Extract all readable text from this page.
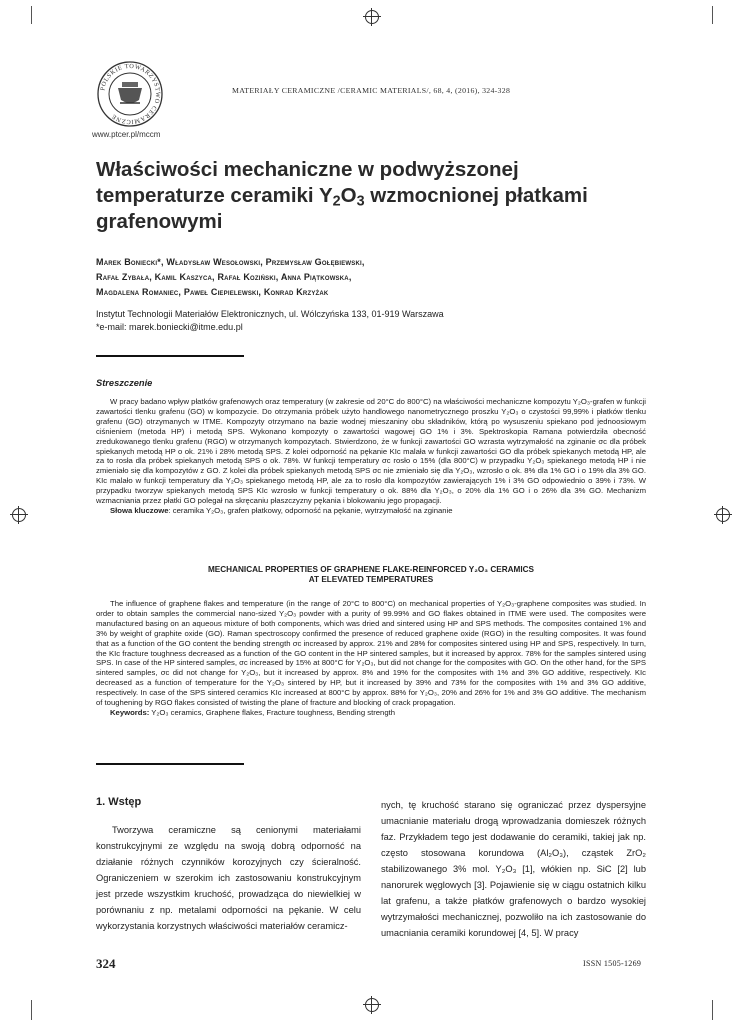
POLSKIE TOWARZYSTWO CERAMICZNE
www.ptcer.pl/mccm
MATERIAŁY CERAMICZNE /CERAMIC MATERIALS/, 68, 4, (2016), 324-328
Właściwości mechaniczne w podwyższonej
temperaturze ceramiki $Y_2O_3$ wzmocnionej płatkami
grafenowymi
Marek Boniecki*, Władysław Wesołowski, Przemysław Gołębiewski,
Rafał Zybała, Kamil Kaszyca, Rafał Koziński, Anna Piątkowska,
Magdalena Romaniec, Paweł Ciepielewski, Konrad Krzyżak
Instytut Technologii Materiałów Elektronicznych, ul. Wólczyńska 133, 01-919 Warszawa
*e-mail: marek.boniecki@itme.edu.pl
Streszczenie

W pracy badano wpływ płatków grafenowych oraz temperatury (w zakresie od 20°C do 800°C) na właściwości mechaniczne kompozytu Y₂O₃-grafen w funkcji zawartości tlenku grafenu (GO) w kompozycie. Do otrzymania próbek użyto handlowego nanometrycznego proszku Y₂O₃ o czystości 99,99% i płatków tlenku grafenu (GO) otrzymanych w ITME. Kompozyty otrzymano na bazie wodnej mieszaniny obu składników, którą po wysuszeniu spiekano pod jednoosiowym ciśnieniem (metoda HP) i metodą SPS. Wykonano kompozyty o zawartości wagowej GO 1% i 3%. Spektroskopia Ramana potwierdziła obecność zredukowanego tlenku grafenu (RGO) w otrzymanych kompozytach. Stwierdzono, że w funkcji zawartości GO wzrasta wytrzymałość na zginanie σc dla próbek spiekanych metodą HP o ok. 21% i 28% metodą SPS. Z kolei odporność na pękanie KIc malała w funkcji zawartości GO dla próbek spiekanych metodą HP, ale za to rosła dla próbek spiekanych metodą SPS o ok. 78%. W funkcji temperatury σc rosło o 15% (dla 800°C) w przypadku Y₂O₃ spiekanego metodą HP i nie zmieniało się dla kompozytów z GO. Z kolei dla próbek spiekanych metodą SPS σc nie zmieniało się dla Y₂O₃, wzrosło o ok. 8% dla 1% GO i o 19% dla 3% GO. KIc malało w funkcji temperatury dla Y₂O₃ spiekanego metodą HP, ale za to rosło dla kompozytów zawierających 1% i 3% GO odpowiednio o 39% i 73%. W przypadku tworzyw spiekanych metodą SPS KIc wzrosło w funkcji temperatury o ok. 88% dla Y₂O₃, o 20% dla 1% GO i o 26% dla 3% GO. Mechanizm wzmacniania przez płatki GO polegał na skręcaniu płaszczyzny pękania i blokowaniu jego propagacji.

Słowa kluczowe: ceramika Y₂O₃, grafen płatkowy, odporność na pękanie, wytrzymałość na zginanie

MECHANICAL PROPERTIES OF GRAPHENE FLAKE-REINFORCED Y₂O₃ CERAMICS
AT ELEVATED TEMPERATURES

The influence of graphene flakes and temperature (in the range of 20°C to 800°C) on mechanical properties of Y₂O₃-graphene composites was studied. In order to obtain samples the commercial nano-sized Y₂O₃ powder with a purity of 99.99% and GO flakes obtained in ITME were used. The composites were manufactured basing on an aqueous mixture of both components, which was dried and sintered using HP and SPS methods. The composites contained 1% and 3% by weight of graphite oxide (GO). Raman spectroscopy confirmed the presence of reduced graphene oxide (RGO) in the resulting composites. It was found that as a function of the GO content the bending strength σc increased by approx. 21% and 28% for composites sintered using HP and SPS, respectively. In turn, the KIc fracture toughness decreased as a function of the GO content in the HP sintered samples, but it increased by approx. 78% for the samples sintered using SPS. In case of the HP sintered samples, σc increased by 15% at 800°C for Y₂O₃, but did not change for the composites with GO. On the other hand, for the SPS sintered samples, σc did not change for Y₂O₃, but it increased by approx. 8% and 19% for the composites with 1% and 3% GO additive, respectively. KIc decreased as a function of temperature for the Y₂O₃ sintered by HP, but it increased by 39% and 73% for the composites with 1% and 3% GO additive, respectively. In case of the SPS sintered ceramics KIc increased at 800°C by approx. 88% for Y₂O₃, 20% and 26% for 1% and 3% GO additive. The mechanism of toughening by RGO flakes consisted of twisting the plane of fracture and blocking of crack propagation.

Keywords: Y₂O₃ ceramics, Graphene flakes, Fracture toughness, Bending strength

1. Wstęp

Tworzywa ceramiczne są cenionymi materiałami konstrukcyjnymi ze względu na swoją dobrą odporność na działanie różnych czynników korozyjnych czy ścieralność. Ograniczeniem w szerokim ich zastosowaniu konstrukcyjnym jest przede wszystkim kruchość, prowadząca do niewielkiej w porównaniu z np. metalami odporności na pękanie. W celu wykorzystania korzystnych właściwości materiałów ceramicz-

nych, tę kruchość starano się ograniczać przez dyspersyjne umacnianie materiału drogą wprowadzania domieszek różnych faz. Przykładem tego jest dodawanie do ceramiki, takiej jak np. często stosowana korundowa (Al₂O₃), cząstek ZrO₂ stabilizowanego 3% mol. Y₂O₃ [1], włókien np. SiC [2] lub nanorurek węglowych [3]. Pojawienie się w ciągu ostatnich kilku lat grafenu, a także płatków grafenowych o bardzo wysokiej wytrzymałości mechanicznej, pozwoliło na ich zastosowanie do umacniania ceramiki korundowej [4, 5]. W pracy

324	ISSN 1505-1269
